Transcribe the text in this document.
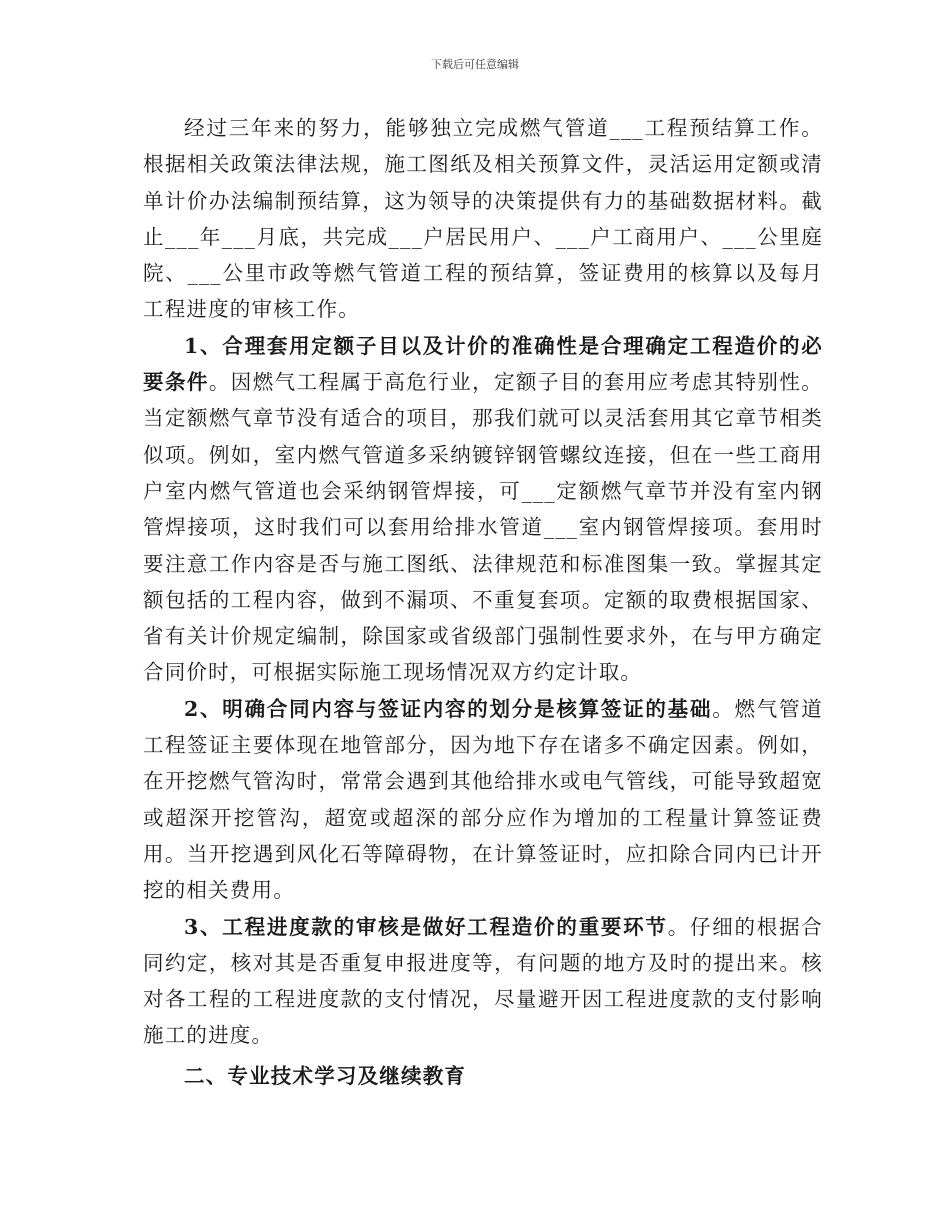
下载后可任意编辑

经过三年来的努力，能够独立完成燃气管道___工程预结算工作。根据相关政策法律法规，施工图纸及相关预算文件，灵活运用定额或清单计价办法编制预结算，这为领导的决策提供有力的基础数据材料。截止___年___月底，共完成___户居民用户、___户工商用户、___公里庭院、___公里市政等燃气管道工程的预结算，签证费用的核算以及每月工程进度的审核工作。

1、合理套用定额子目以及计价的准确性是合理确定工程造价的必要条件。因燃气工程属于高危行业，定额子目的套用应考虑其特别性。当定额燃气章节没有适合的项目，那我们就可以灵活套用其它章节相类似项。例如，室内燃气管道多采纳镀锌钢管螺纹连接，但在一些工商用户室内燃气管道也会采纳钢管焊接，可___定额燃气章节并没有室内钢管焊接项，这时我们可以套用给排水管道___室内钢管焊接项。套用时要注意工作内容是否与施工图纸、法律规范和标准图集一致。掌握其定额包括的工程内容，做到不漏项、不重复套项。定额的取费根据国家、省有关计价规定编制，除国家或省级部门强制性要求外，在与甲方确定合同价时，可根据实际施工现场情况双方约定计取。

2、明确合同内容与签证内容的划分是核算签证的基础。燃气管道工程签证主要体现在地管部分，因为地下存在诸多不确定因素。例如，在开挖燃气管沟时，常常会遇到其他给排水或电气管线，可能导致超宽或超深开挖管沟，超宽或超深的部分应作为增加的工程量计算签证费用。当开挖遇到风化石等障碍物，在计算签证时，应扣除合同内已计开挖的相关费用。

3、工程进度款的审核是做好工程造价的重要环节。仔细的根据合同约定，核对其是否重复申报进度等，有问题的地方及时的提出来。核对各工程的工程进度款的支付情况，尽量避开因工程进度款的支付影响施工的进度。

二、专业技术学习及继续教育
